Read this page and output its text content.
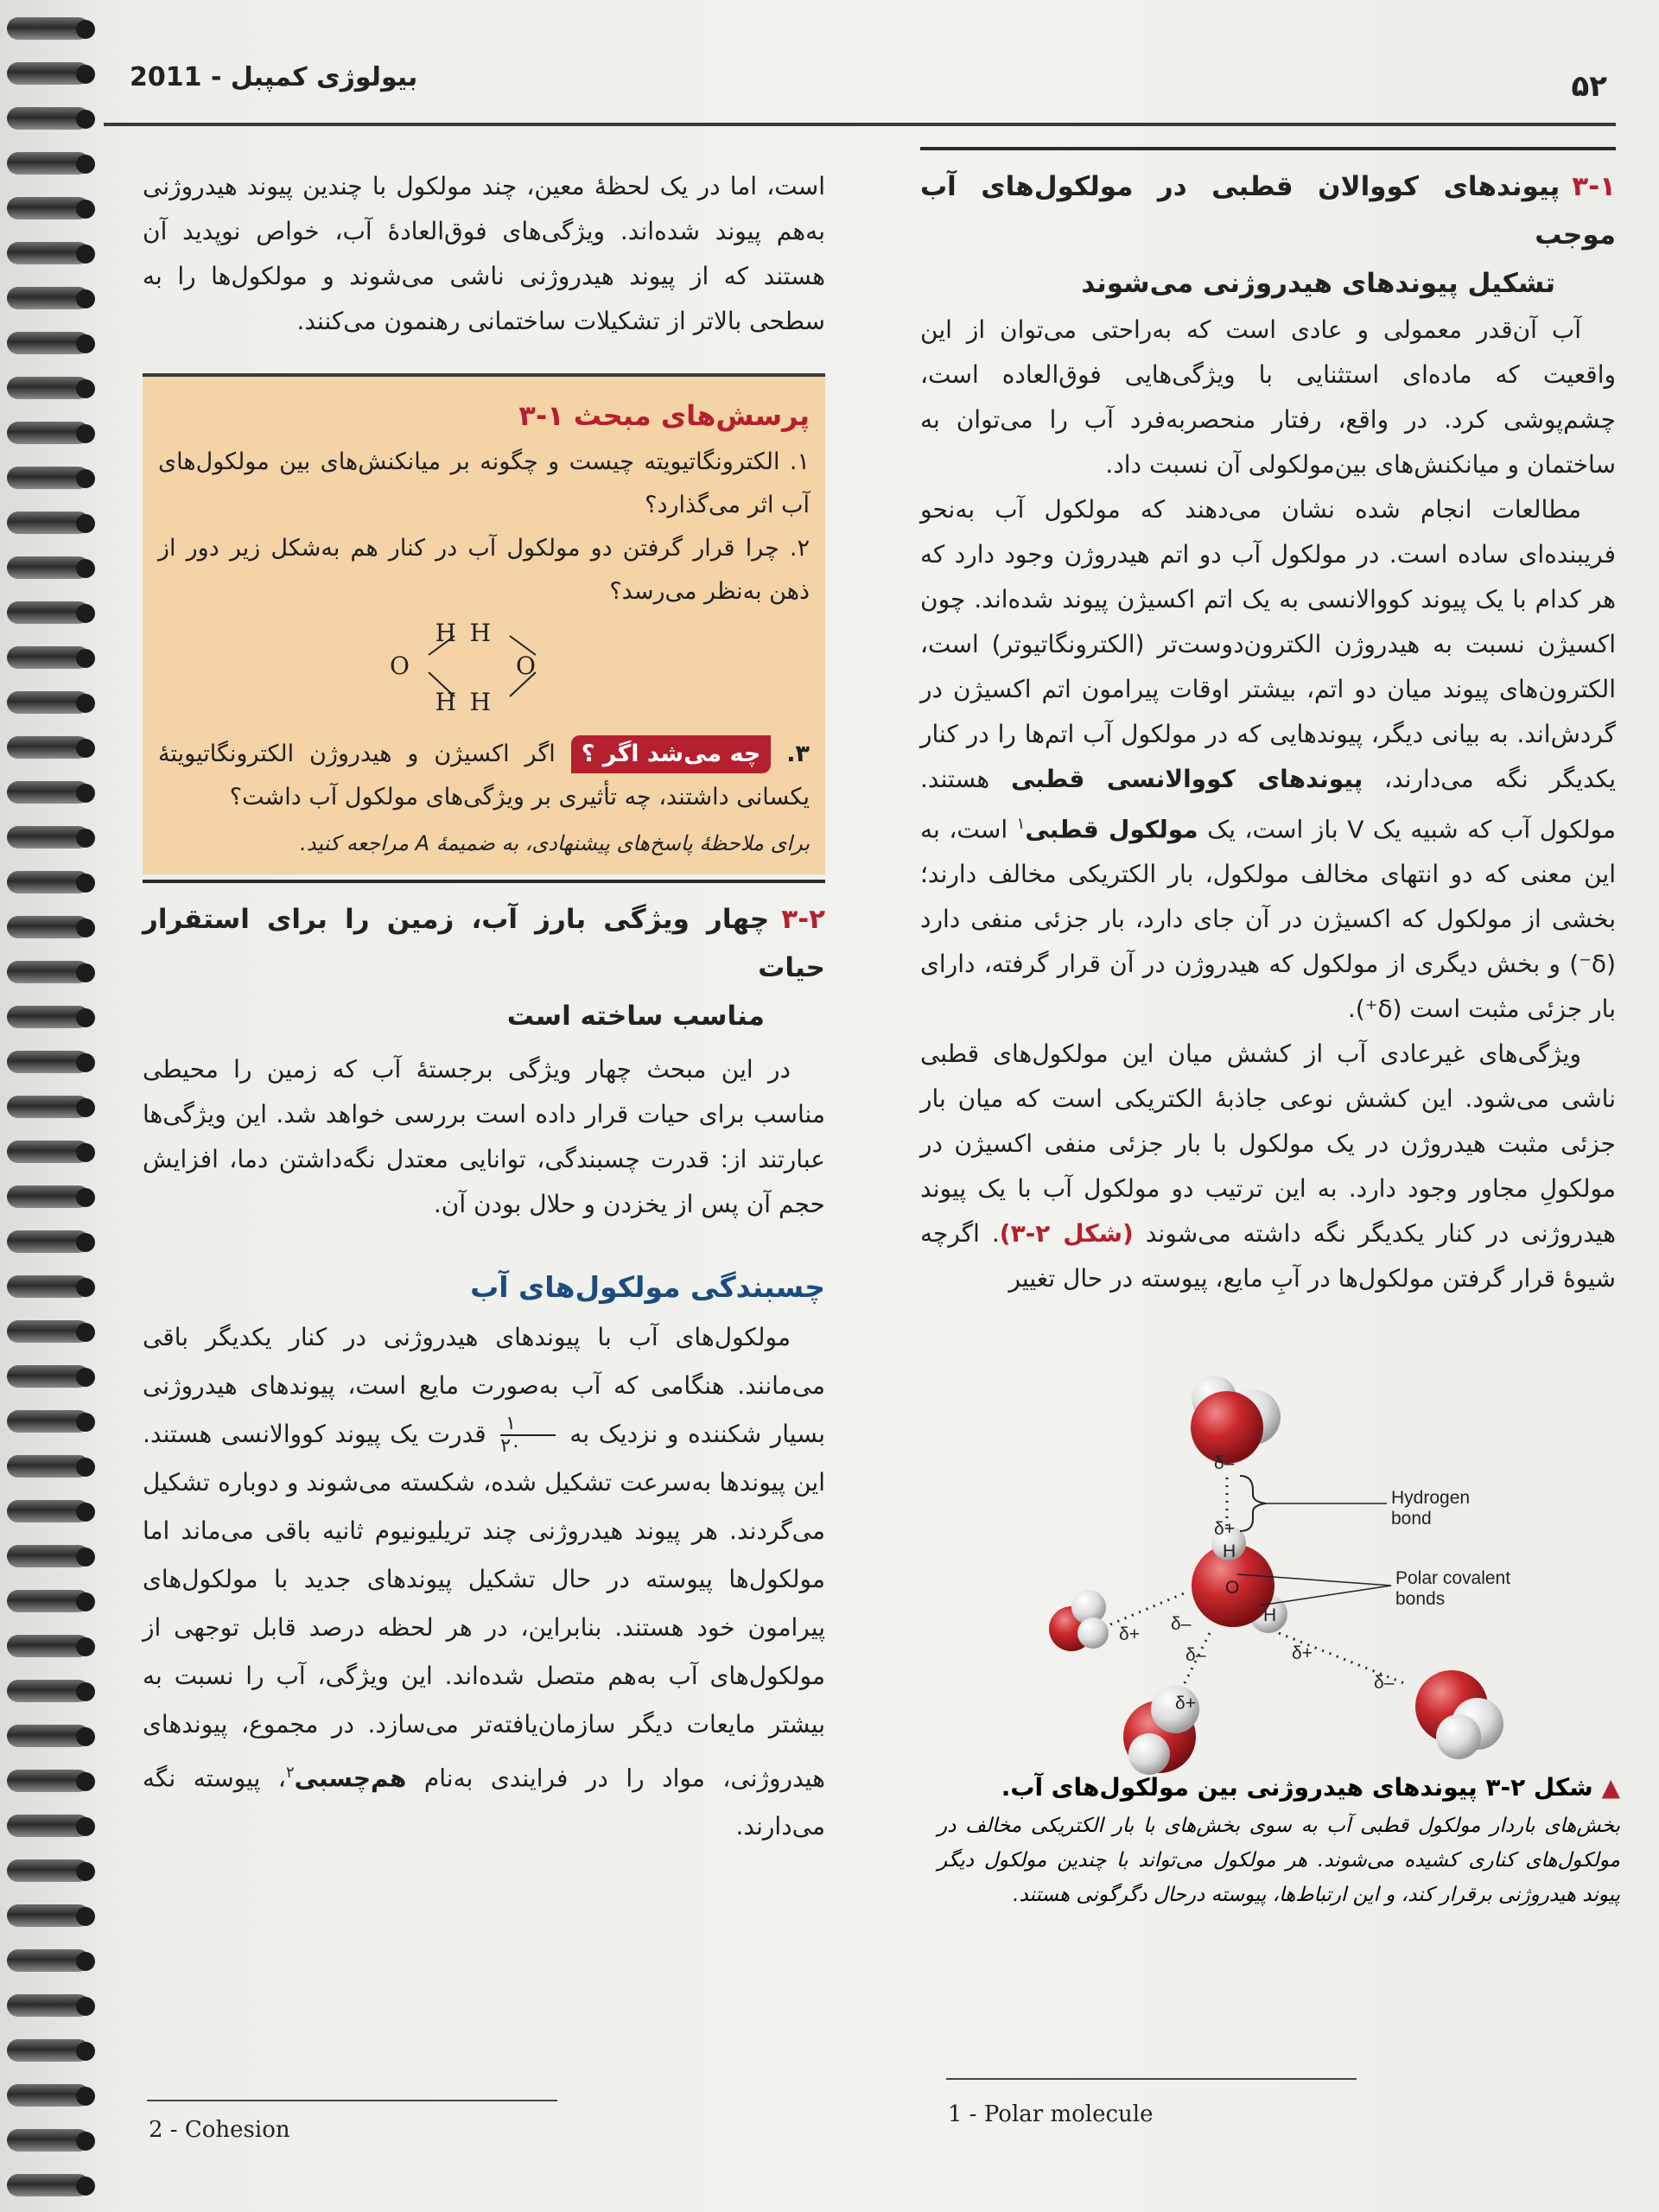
بیولوژی کمپبل - 2011	۵۲
۳-۱پیوندهای کووالان قطبی در مولکول‌های آب موجب
تشکیل پیوندهای هیدروژنی می‌شوند

آب آن‌قدر معمولی و عادی است که به‌راحتی می‌توان از این واقعیت که ماده‌ای استثنایی با ویژگی‌هایی فوق‌العاده است، چشم‌پوشی کرد. در واقع، رفتار منحصربه‌فرد آب را می‌توان به ساختمان و میانکنش‌های بین‌مولکولی آن نسبت داد.

مطالعات انجام شده نشان می‌دهند که مولکول آب به‌نحو فریبنده‌ای ساده است. در مولکول آب دو اتم هیدروژن وجود دارد که هر کدام با یک پیوند کووالانسی به یک اتم اکسیژن پیوند شده‌اند. چون اکسیژن نسبت به هیدروژن الکترون‌دوست‌تر (الکترونگاتیوتر) است، الکترون‌های پیوند میان دو اتم، بیشتر اوقات پیرامون اتم اکسیژن در گردش‌اند. به بیانی دیگر، پیوندهایی که در مولکول آب اتم‌ها را در کنار یکدیگر نگه می‌دارند، پیوندهای کووالانسی قطبی هستند. مولکول آب که شبیه یک V باز است، یک مولکول قطبی$^۱$ است، به این معنی که دو انتهای مخالف مولکول، بار الکتریکی مخالف دارند؛ بخشی از مولکول که اکسیژن در آن جای دارد، بار جزئی منفی دارد (δ⁻) و بخش دیگری از مولکول که هیدروژن در آن قرار گرفته، دارای بار جزئی مثبت است (δ⁺).

ویژگی‌های غیرعادی آب از کشش میان این مولکول‌های قطبی ناشی می‌شود. این کشش نوعی جاذبهٔ الکتریکی است که میان بار جزئی مثبت هیدروژن در یک مولکول با بار جزئی منفی اکسیژن در مولکولِ مجاور وجود دارد. به این ترتیب دو مولکول آب با یک پیوند هیدروژنی در کنار یکدیگر نگه داشته می‌شوند (شکل ۲-۳). اگرچه شیوهٔ قرار گرفتن مولکول‌ها در آبِ مایع، پیوسته در حال تغییر

Hydrogen
bond
Polar covalent
bonds
δ–
δ+
δ+
δ–
δ–
δ+
δ+
δ–
H
O
H
▲ شکل ۲-۳ پیوندهای هیدروژنی بین مولکول‌های آب.
بخش‌های باردار مولکول قطبی آب به سوی بخش‌های با بار الکتریکی مخالف در مولکول‌های کناری کشیده می‌شوند. هر مولکول می‌تواند با چندین مولکول دیگر پیوند هیدروژنی برقرار کند، و این ارتباط‌ها، پیوسته درحال دگرگونی هستند.

است، اما در یک لحظهٔ معین، چند مولکول با چندین پیوند هیدروژنی به‌هم پیوند شده‌اند. ویژگی‌های فوق‌العادهٔ آب، خواص نوپدید آن هستند که از پیوند هیدروژنی ناشی می‌شوند و مولکول‌ها را به سطحی بالاتر از تشکیلات ساختمانی رهنمون می‌کنند.

پرسش‌های مبحث ۱-۳

۱. الکترونگاتیویته چیست و چگونه بر میانکنش‌های بین مولکول‌های آب اثر می‌گذارد؟

۲. چرا قرار گرفتن دو مولکول آب در کنار هم به‌شکل زیر دور از ذهن به‌نظر می‌رسد؟

O	O
H H
H H

۳. چه می‌شد اگر ؟ اگر اکسیژن و هیدروژن الکترونگاتیویتهٔ یکسانی داشتند، چه تأثیری بر ویژگی‌های مولکول آب داشت؟

برای ملاحظهٔ پاسخ‌های پیشنهادی، به ضمیمهٔ A مراجعه کنید.
۳-۲چهار ویژگی بارز آب، زمین را برای استقرار حیات
مناسب ساخته است

در این مبحث چهار ویژگی برجستهٔ آب که زمین را محیطی مناسب برای حیات قرار داده است بررسی خواهد شد. این ویژگی‌ها عبارتند از: قدرت چسبندگی، توانایی معتدل نگه‌داشتن دما، افزایش حجم آن پس از یخزدن و حلال بودن آن.

چسبندگی مولکول‌های آب

مولکول‌های آب با پیوندهای هیدروژنی در کنار یکدیگر باقی می‌مانند. هنگامی که آب به‌صورت مایع است، پیوندهای هیدروژنی بسیار شکننده و نزدیک به
۱
۲۰
قدرت یک پیوند کووالانسی هستند. این پیوندها به‌سرعت تشکیل شده، شکسته می‌شوند و دوباره تشکیل می‌گردند. هر پیوند هیدروژنی چند تریلیونیوم ثانیه باقی می‌ماند اما مولکول‌ها پیوسته در حال تشکیل پیوندهای جدید با مولکول‌های پیرامون خود هستند. بنابراین، در هر لحظه درصد قابل توجهی از مولکول‌های آب به‌هم متصل شده‌اند. این ویژگی، آب را نسبت به بیشتر مایعات دیگر سازمان‌یافته‌تر می‌سازد. در مجموع، پیوندهای هیدروژنی، مواد را در فرایندی به‌نام هم‌چسبی$^۲$، پیوسته نگه می‌دارند.

1 - Polar molecule
2 - Cohesion
